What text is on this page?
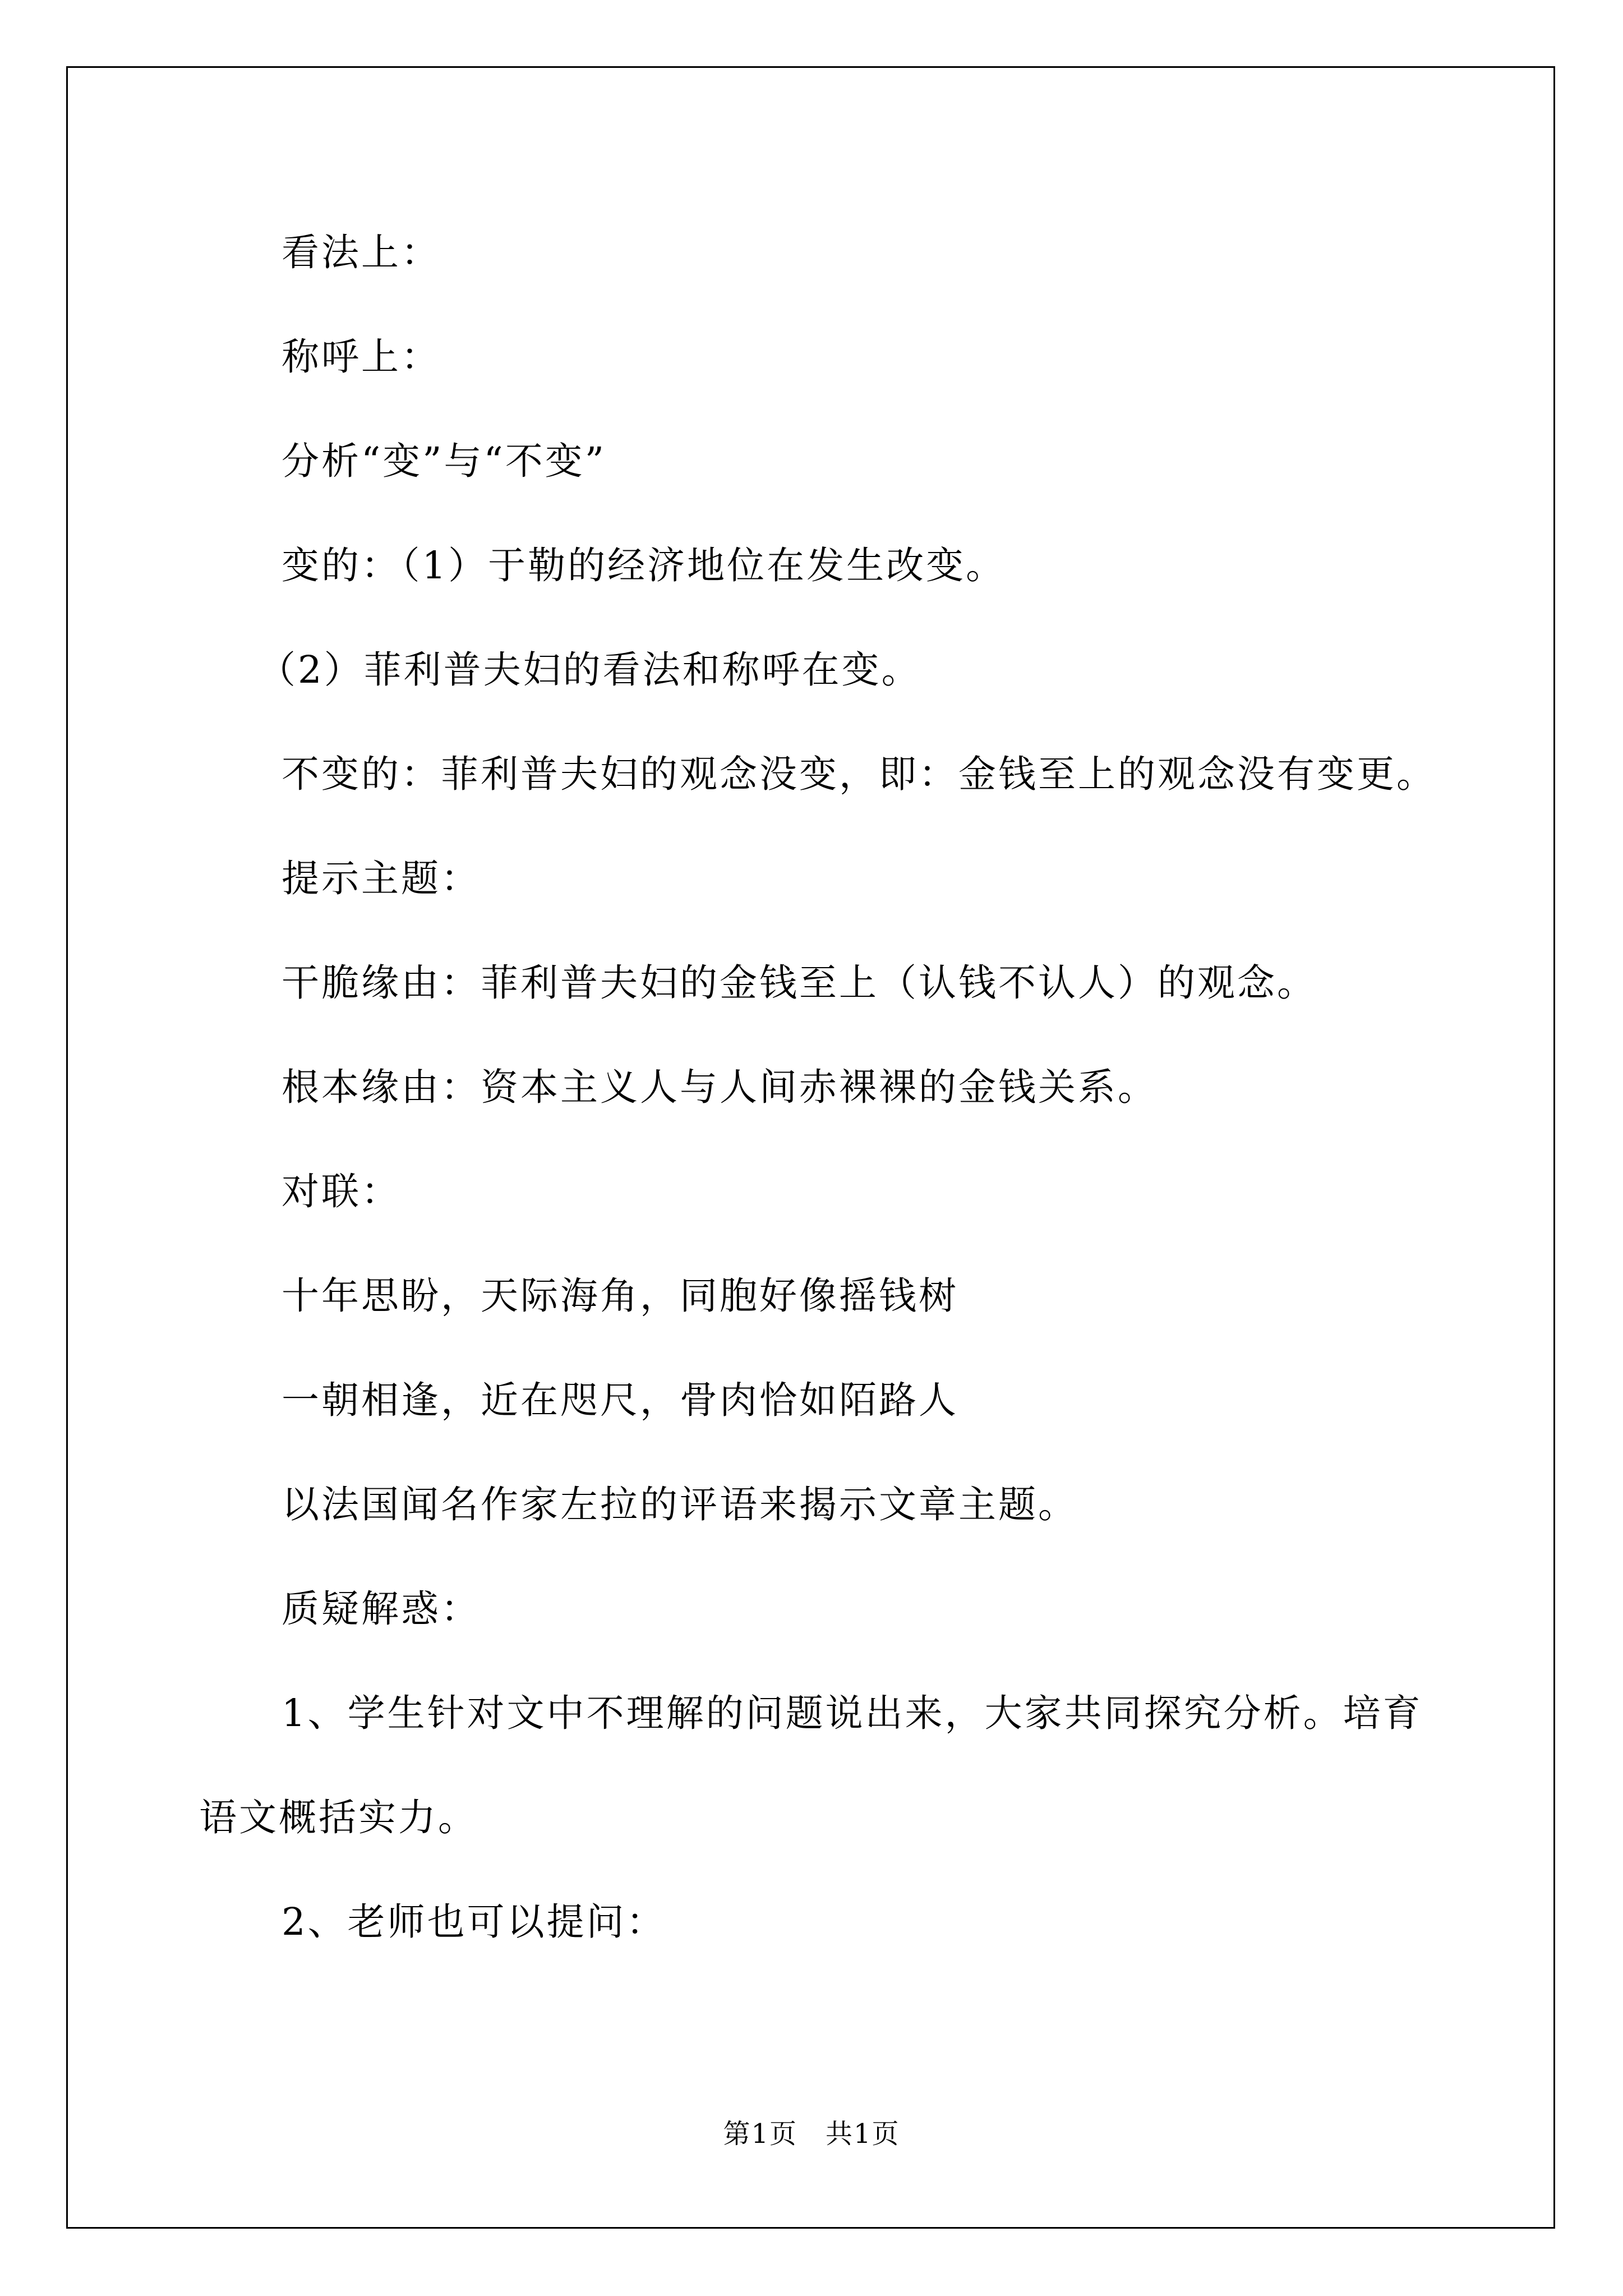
看法上：
称呼上：
分析“变”与“不变”
变的：（1）于勒的经济地位在发生改变。
（2）菲利普夫妇的看法和称呼在变。
不变的：菲利普夫妇的观念没变，即：金钱至上的观念没有变更。
提示主题：
干脆缘由：菲利普夫妇的金钱至上（认钱不认人）的观念。
根本缘由：资本主义人与人间赤裸裸的金钱关系。
对联：
十年思盼，天际海角，同胞好像摇钱树
一朝相逢，近在咫尺，骨肉恰如陌路人
以法国闻名作家左拉的评语来揭示文章主题。
质疑解惑：
1、学生针对文中不理解的问题说出来，大家共同探究分析。培育
语文概括实力。
2、老师也可以提问：
第1页　共1页
